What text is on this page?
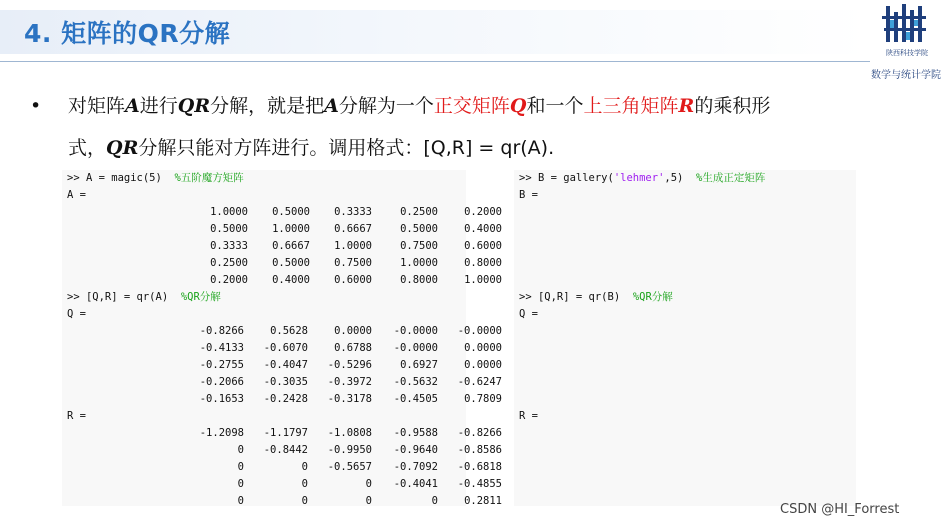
4. 矩阵的QR分解
陕西科技学院
数学与统计学院
• 对矩阵A进行QR分解，就是把A分解为一个正交矩阵Q和一个上三角矩阵R的乘积形
式，QR分解只能对方阵进行。调用格式：[Q,R] = qr(A).
>> A = magic(5) %五阶魔方矩阵
A =
>> [Q,R] = qr(A) %QR分解
Q =
R =
>> B = gallery('lehmer',5) %生成正定矩阵
B =
1.0000 0.5000 0.3333	0.2500 0.2000
0.5000 1.0000 0.6667	0.5000 0.4000
0.3333 0.6667 1.0000	0.7500 0.6000
0.2500 0.5000 0.7500	1.0000 0.8000
0.2000 0.4000 0.6000	0.8000 1.0000
>> [Q,R] = qr(B) %QR分解
Q =
-0.8266 0.5628 0.0000 -0.0000 -0.0000
-0.4133 -0.6070 0.6788 -0.0000 0.0000
-0.2755 -0.4047 -0.5296	0.6927 0.0000
-0.2066 -0.3035 -0.3972 -0.5632 -0.6247
-0.1653 -0.2428 -0.3178 -0.4505 0.7809
R =
-1.2098 -1.1797 -1.0808 -0.9588 -0.8266
0 -0.8442 -0.9950 -0.9640 -0.8586
0	0 -0.5657 -0.7092 -0.6818
0	0	0 -0.4041 -0.4855
0	0	0	0 0.2811
CSDN @HI_Forrest
